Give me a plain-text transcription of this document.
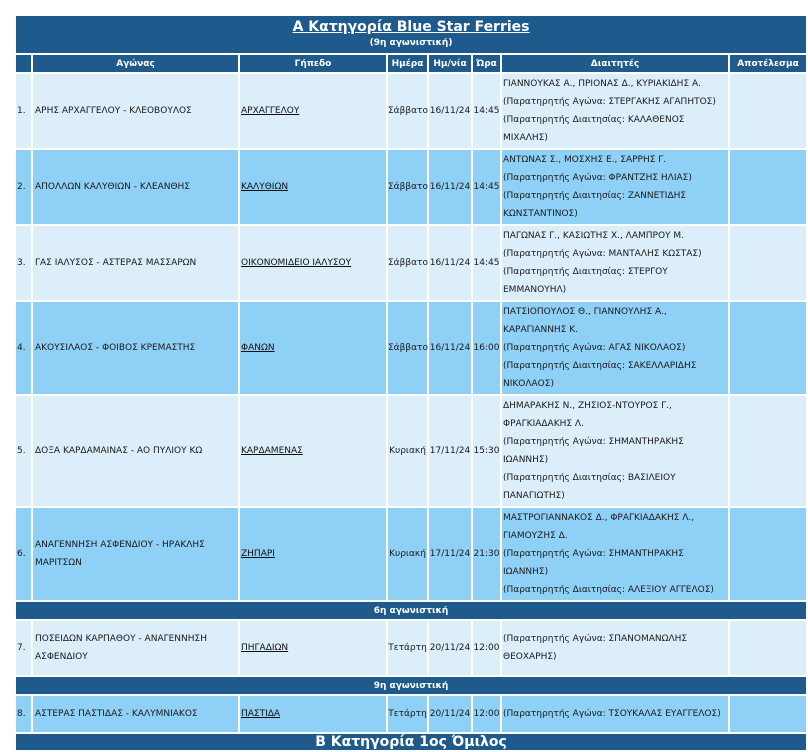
Α Κατηγορία Blue Star Ferries
(9η αγωνιστική)							

	Αγώνας	Γήπεδο	Ημέρα	Ημ/νία	Ώρα	Διαιτητές	Αποτέλεσμα
1.	ΑΡΗΣ ΑΡΧΑΓΓΕΛΟΥ - ΚΛΕΟΒΟΥΛΟΣ	ΑΡΧΑΓΓΕΛΟΥ	Σάββατο	16/11/24	14:45	ΓΙΑΝΝΟΥΚΑΣ Α., ΠΡΙΟΝΑΣ Δ., ΚΥΡΙΑΚΙΔΗΣ Α.
(Παρατηρητής Αγώνα: ΣΤΕΡΓΑΚΗΣ ΑΓΑΠΗΤΟΣ)
(Παρατηρητής Διαιτησίας: ΚΑΛΑΘΕΝΟΣ ΜΙΧΑΛΗΣ)	

2.	ΑΠΟΛΛΩΝ ΚΑΛΥΘΙΩΝ - ΚΛΕΑΝΘΗΣ	ΚΑΛΥΘΙΩΝ	Σάββατο	16/11/24	14:45	ΑΝΤΩΝΑΣ Σ., ΜΟΣΧΗΣ Ε., ΣΑΡΡΗΣ Γ.
(Παρατηρητής Αγώνα: ΦΡΑΝΤΖΗΣ ΗΛΙΑΣ)
(Παρατηρητής Διαιτησίας: ΖΑΝΝΕΤΙΔΗΣ ΚΩΝΣΤΑΝΤΙΝΟΣ)	

3.	ΓΑΣ ΙΑΛΥΣΟΣ - ΑΣΤΕΡΑΣ ΜΑΣΣΑΡΩΝ	ΟΙΚΟΝΟΜΙΔΕΙΟ ΙΑΛΥΣΟΥ	Σάββατο	16/11/24	14:45	ΠΑΓΩΝΑΣ Γ., ΚΑΣΙΩΤΗΣ Χ., ΛΑΜΠΡΟΥ Μ.
(Παρατηρητής Αγώνα: ΜΑΝΤΑΛΗΣ ΚΩΣΤΑΣ)
(Παρατηρητής Διαιτησίας: ΣΤΕΡΓΟΥ ΕΜΜΑΝΟΥΗΛ)	

4.	ΑΚΟΥΣΙΛΑΟΣ - ΦΟΙΒΟΣ ΚΡΕΜΑΣΤΗΣ	ΦΑΝΩΝ	Σάββατο	16/11/24	16:00	ΠΑΤΣΙΟΠΟΥΛΟΣ Θ., ΓΙΑΝΝΟΥΛΗΣ Α., ΚΑΡΑΓΙΑΝΝΗΣ Κ.
(Παρατηρητής Αγώνα: ΑΓΑΣ ΝΙΚΟΛΑΟΣ)
(Παρατηρητής Διαιτησίας: ΣΑΚΕΛΛΑΡΙΔΗΣ ΝΙΚΟΛΑΟΣ)	

5.	ΔΟΞΑ ΚΑΡΔΑΜΑΙΝΑΣ - ΑΟ ΠΥΛΙΟΥ ΚΩ	ΚΑΡΔΑΜΕΝΑΣ	Κυριακή	17/11/24	15:30	ΔΗΜΑΡΑΚΗΣ Ν., ΖΗΣΙΟΣ-ΝΤΟΥΡΟΣ Γ., ΦΡΑΓΚΙΑΔΑΚΗΣ Λ.
(Παρατηρητής Αγώνα: ΣΗΜΑΝΤΗΡΑΚΗΣ ΙΩΑΝΝΗΣ)
(Παρατηρητής Διαιτησίας: ΒΑΣΙΛΕΙΟΥ ΠΑΝΑΓΙΩΤΗΣ)	

6.	ΑΝΑΓΕΝΝΗΣΗ ΑΣΦΕΝΔΙΟΥ - ΗΡΑΚΛΗΣ ΜΑΡΙΤΣΩΝ	ΖΗΠΑΡΙ	Κυριακή	17/11/24	21:30	ΜΑΣΤΡΟΓΙΑΝΝΑΚΟΣ Δ., ΦΡΑΓΚΙΑΔΑΚΗΣ Λ., ΓΙΑΜΟΥΖΗΣ Δ.
(Παρατηρητής Αγώνα: ΣΗΜΑΝΤΗΡΑΚΗΣ ΙΩΑΝΝΗΣ)
(Παρατηρητής Διαιτησίας: ΑΛΕΞΙΟΥ ΑΓΓΕΛΟΣ)	

6η αγωνιστική							
7.	ΠΟΣΕΙΔΩΝ ΚΑΡΠΑΘΟΥ - ΑΝΑΓΕΝΝΗΣΗ ΑΣΦΕΝΔΙΟΥ	ΠΗΓΑΔΙΩΝ	Τετάρτη	20/11/24	12:00	(Παρατηρητής Αγώνα: ΣΠΑΝΟΜΑΝΩΛΗΣ ΘΕΟΧΑΡΗΣ)	

9η αγωνιστική							
8.	ΑΣΤΕΡΑΣ ΠΑΣΤΙΔΑΣ - ΚΑΛΥΜΝΙΑΚΟΣ	ΠΑΣΤΙΔΑ	Τετάρτη	20/11/24	12:00	(Παρατηρητής Αγώνα: ΤΣΟΥΚΑΛΑΣ ΕΥΑΓΓΕΛΟΣ)	

Β Κατηγορία 1ος Όμιλος							
